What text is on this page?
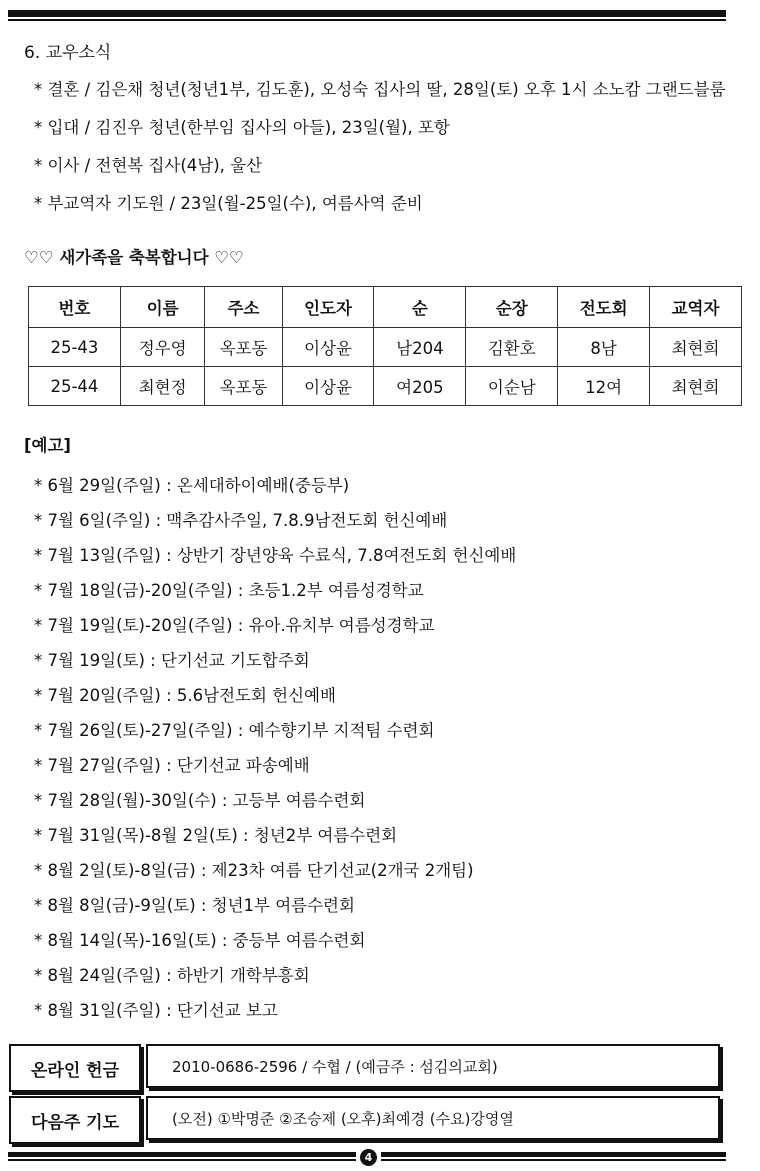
6. 교우소식
* 결혼 / 김은채 청년(청년1부, 김도훈), 오성숙 집사의 딸, 28일(토) 오후 1시 소노캄 그랜드블룸
* 입대 / 김진우 청년(한부임 집사의 아들), 23일(월), 포항
* 이사 / 전현복 집사(4남), 울산
* 부교역자 기도원 / 23일(월-25일(수), 여름사역 준비
♡♡ 새가족을 축복합니다 ♡♡
번호	이름	주소	인도자	순	순장	전도회	교역자
25-43	정우영	옥포동	이상윤	남204	김환호	8남	최현희
25-44	최현정	옥포동	이상윤	여205	이순남	12여	최현희
[예고]
* 6월 29일(주일) : 온세대하이예배(중등부)
* 7월 6일(주일) : 맥추감사주일, 7.8.9남전도회 헌신예배
* 7월 13일(주일) : 상반기 장년양육 수료식, 7.8여전도회 헌신예배
* 7월 18일(금)-20일(주일) : 초등1.2부 여름성경학교
* 7월 19일(토)-20일(주일) : 유아.유치부 여름성경학교
* 7월 19일(토) : 단기선교 기도합주회
* 7월 20일(주일) : 5.6남전도회 헌신예배
* 7월 26일(토)-27일(주일) : 예수향기부 지적팀 수련회
* 7월 27일(주일) : 단기선교 파송예배
* 7월 28일(월)-30일(수) : 고등부 여름수련회
* 7월 31일(목)-8월 2일(토) : 청년2부 여름수련회
* 8월 2일(토)-8일(금) : 제23차 여름 단기선교(2개국 2개팀)
* 8월 8일(금)-9일(토) : 청년1부 여름수련회
* 8월 14일(목)-16일(토) : 중등부 여름수련회
* 8월 24일(주일) : 하반기 개학부흥회
* 8월 31일(주일) : 단기선교 보고
온라인 헌금	2010-0686-2596 / 수협 / (예금주 : 섬김의교회)
다음주 기도	(오전) ①박명준 ②조승제 (오후)최예경 (수요)강영열
4
